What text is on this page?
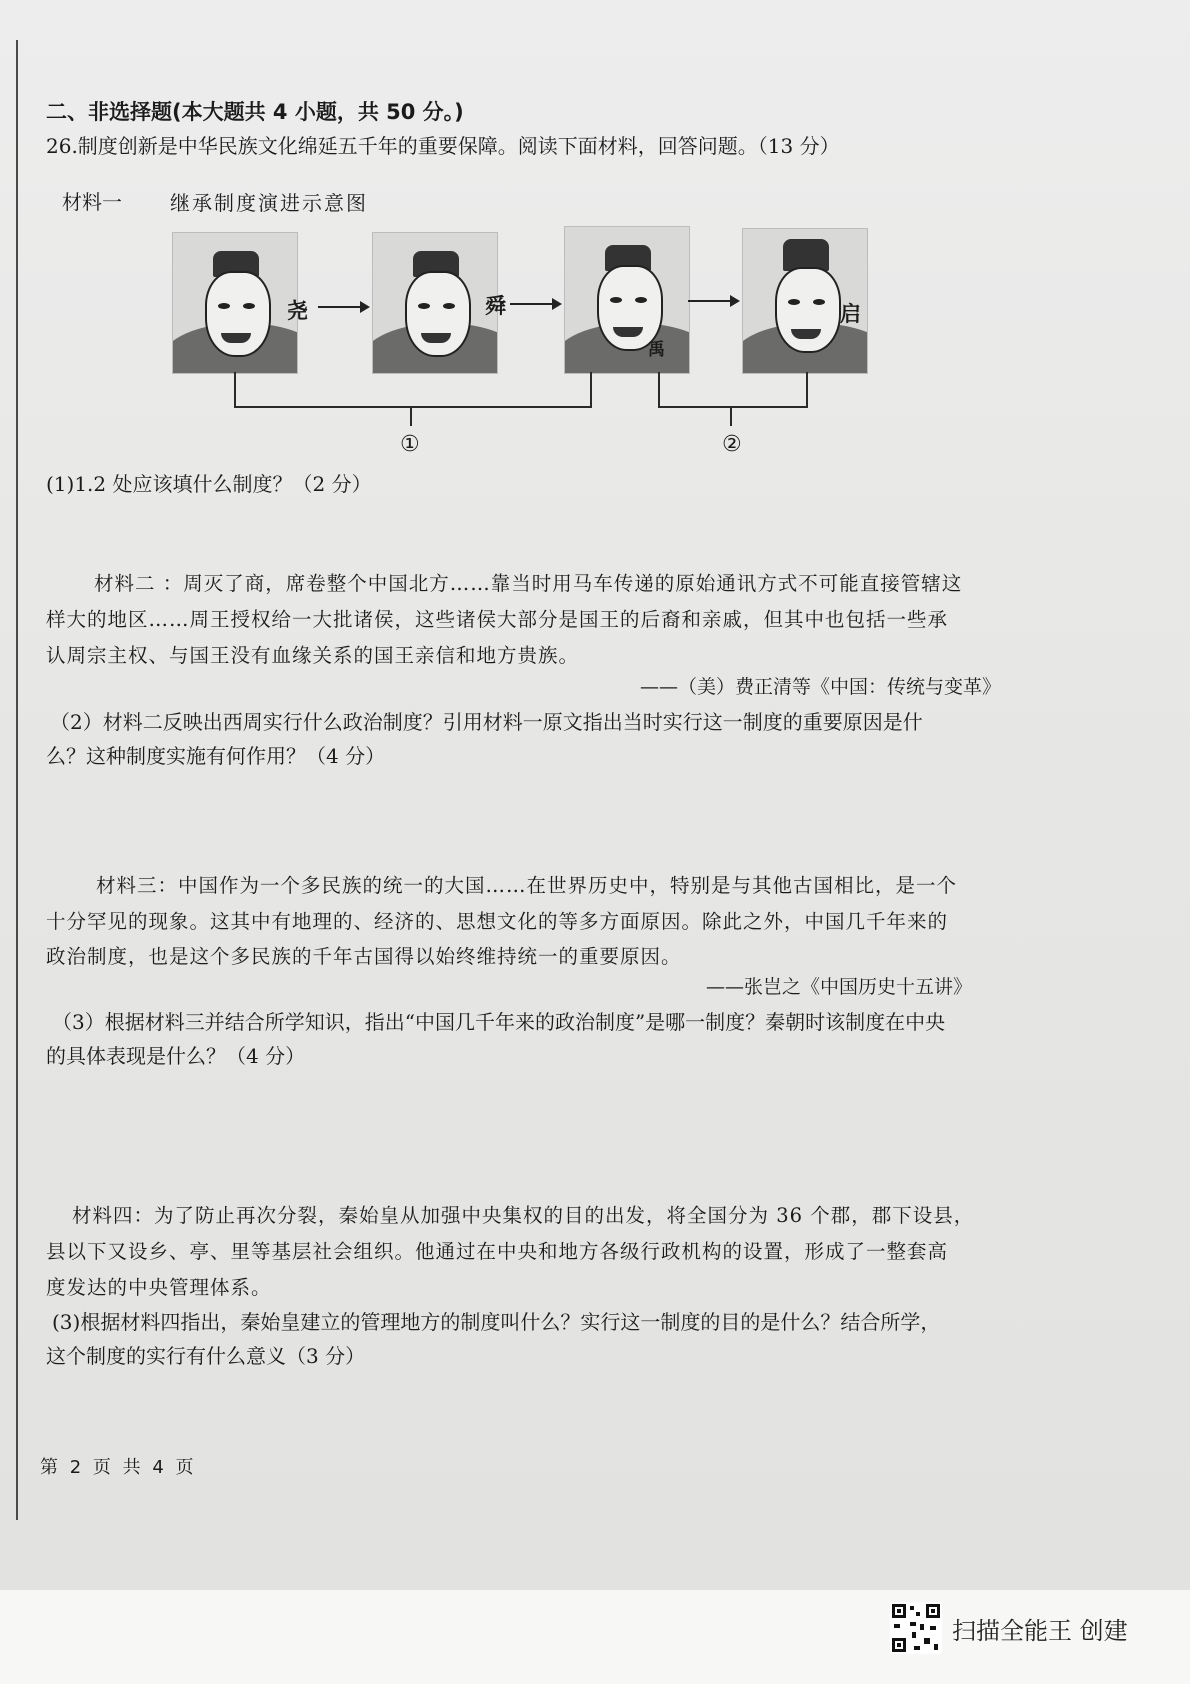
二、非选择题(本大题共 4 小题，共 50 分。)
26.制度创新是中华民族文化绵延五千年的重要保障。阅读下面材料，回答问题。（13 分）
材料一 继承制度演进示意图
尧	舜
禹
启
①	②
(1)1.2 处应该填什么制度？（2 分）
材料二 ：周灭了商，席卷整个中国北方……靠当时用马车传递的原始通讯方式不可能直接管辖这
样大的地区……周王授权给一大批诸侯，这些诸侯大部分是国王的后裔和亲戚，但其中也包括一些承
认周宗主权、与国王没有血缘关系的国王亲信和地方贵族。
——（美）费正清等《中国：传统与变革》
（2）材料二反映出西周实行什么政治制度？引用材料一原文指出当时实行这一制度的重要原因是什
么？这种制度实施有何作用？（4 分）
材料三：中国作为一个多民族的统一的大国……在世界历史中，特别是与其他古国相比，是一个
十分罕见的现象。这其中有地理的、经济的、思想文化的等多方面原因。除此之外，中国几千年来的
政治制度，也是这个多民族的千年古国得以始终维持统一的重要原因。
——张岂之《中国历史十五讲》
（3）根据材料三并结合所学知识，指出“中国几千年来的政治制度”是哪一制度？秦朝时该制度在中央
的具体表现是什么？（4 分）
材料四：为了防止再次分裂，秦始皇从加强中央集权的目的出发，将全国分为 36 个郡，郡下设县，
县以下又设乡、亭、里等基层社会组织。他通过在中央和地方各级行政机构的设置，形成了一整套高
度发达的中央管理体系。
(3)根据材料四指出，秦始皇建立的管理地方的制度叫什么？实行这一制度的目的是什么？结合所学，
这个制度的实行有什么意义（3 分）
第 2 页 共 4 页
扫描全能王 创建
